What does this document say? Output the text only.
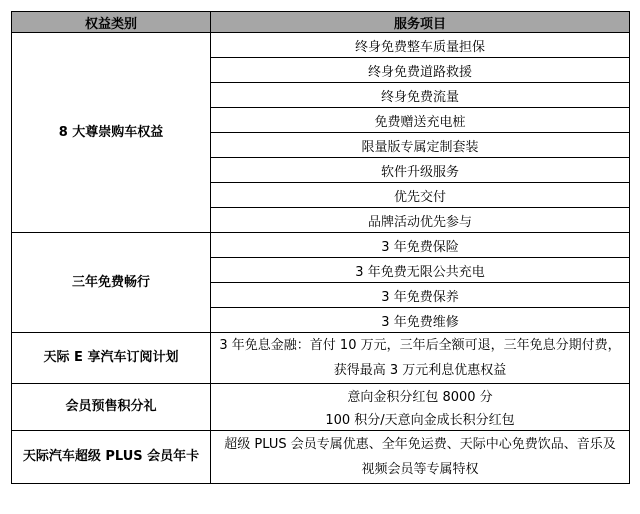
权益类别	服务项目
8 大尊崇购车权益	终身免费整车质量担保
	终身免费道路救援
	终身免费流量
	免费赠送充电桩
	限量版专属定制套装
	软件升级服务
	优先交付
	品牌活动优先参与
三年免费畅行	3 年免费保险
	3 年免费无限公共充电
	3 年免费保养
	3 年免费维修
天际 E 享汽车订阅计划	3 年免息金融：首付 10 万元，三年后全额可退，三年免息分期付费，获得最高 3 万元利息优惠权益
会员预售积分礼	意向金积分红包 8000 分
	100 积分/天意向金成长积分红包
天际汽车超级 PLUS 会员年卡	超级 PLUS 会员专属优惠、全年免运费、天际中心免费饮品、音乐及视频会员等专属特权
